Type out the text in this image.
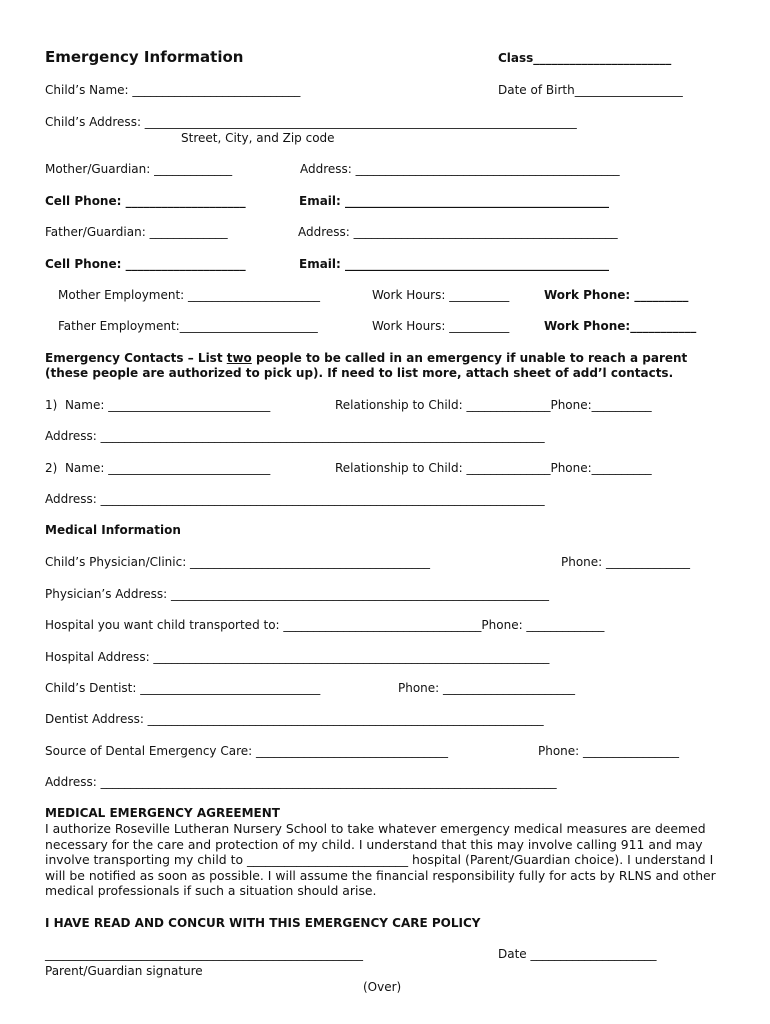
Emergency Information	Class_______________________
Child’s Name: ____________________________	Date of Birth__________________
Child’s Address: ________________________________________________________________________
Street, City, and Zip code
Mother/Guardian: _____________	Address: ____________________________________________
Cell Phone: ____________________	Email: ____________________________________________
Father/Guardian: _____________	Address: ____________________________________________
Cell Phone: ____________________	Email: ____________________________________________
Mother Employment: ______________________	Work Hours: __________	Work Phone: _________
Father Employment:_______________________	Work Hours: __________	Work Phone:___________
Emergency Contacts – List two people to be called in an emergency if unable to reach a parent
(these people are authorized to pick up). If need to list more, attach sheet of add’l contacts.
1)  Name: ___________________________	Relationship to Child: ______________Phone:__________
Address: __________________________________________________________________________
2)  Name: ___________________________	Relationship to Child: ______________Phone:__________
Address: __________________________________________________________________________
Medical Information
Child’s Physician/Clinic: ________________________________________	Phone: ______________
Physician’s Address: _______________________________________________________________
Hospital you want child transported to: _________________________________Phone: _____________
Hospital Address: __________________________________________________________________
Child’s Dentist: ______________________________	Phone: ______________________
Dentist Address: __________________________________________________________________
Source of Dental Emergency Care: ________________________________	Phone: ________________
Address: ____________________________________________________________________________
MEDICAL EMERGENCY AGREEMENT
I authorize Roseville Lutheran Nursery School to take whatever emergency medical measures are deemed necessary for the care and protection of my child. I understand that this may involve calling 911 and may involve transporting my child to __________________________ hospital (Parent/Guardian choice). I understand I will be notified as soon as possible. I will assume the financial responsibility fully for acts by RLNS and other medical professionals if such a situation should arise.
I HAVE READ AND CONCUR WITH THIS EMERGENCY CARE POLICY
_____________________________________________________	Date _____________________
Parent/Guardian signature
(Over)
